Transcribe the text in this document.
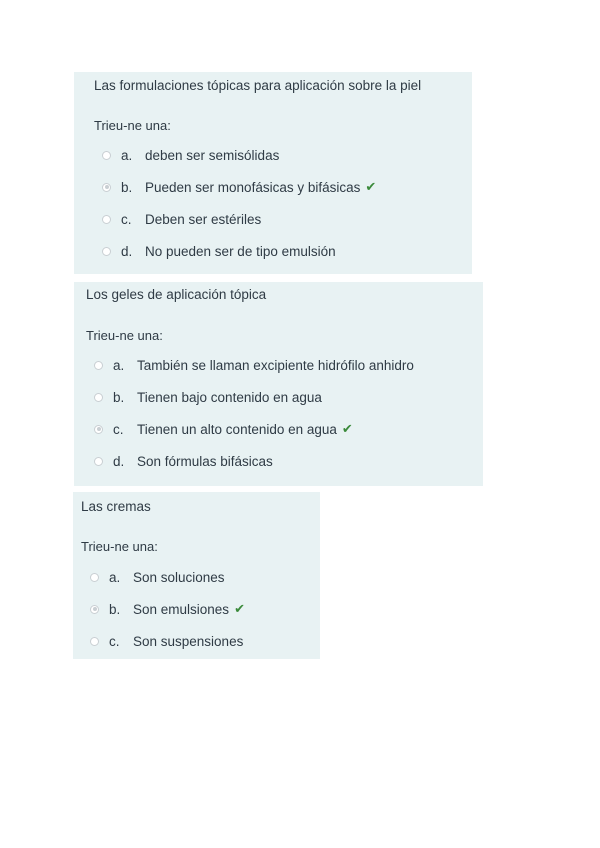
Las formulaciones tópicas para aplicación sobre la piel
Trieu-ne una:
a. deben ser semisólidas
b. Pueden ser monofásicas y bifásicas ✔
c. Deben ser estériles
d. No pueden ser de tipo emulsión
Los geles de aplicación tópica
Trieu-ne una:
a. También se llaman excipiente hidrófilo anhidro
b. Tienen bajo contenido en agua
c. Tienen un alto contenido en agua ✔
d. Son fórmulas bifásicas
Las cremas
Trieu-ne una:
a. Son soluciones
b. Son emulsiones ✔
c. Son suspensiones
